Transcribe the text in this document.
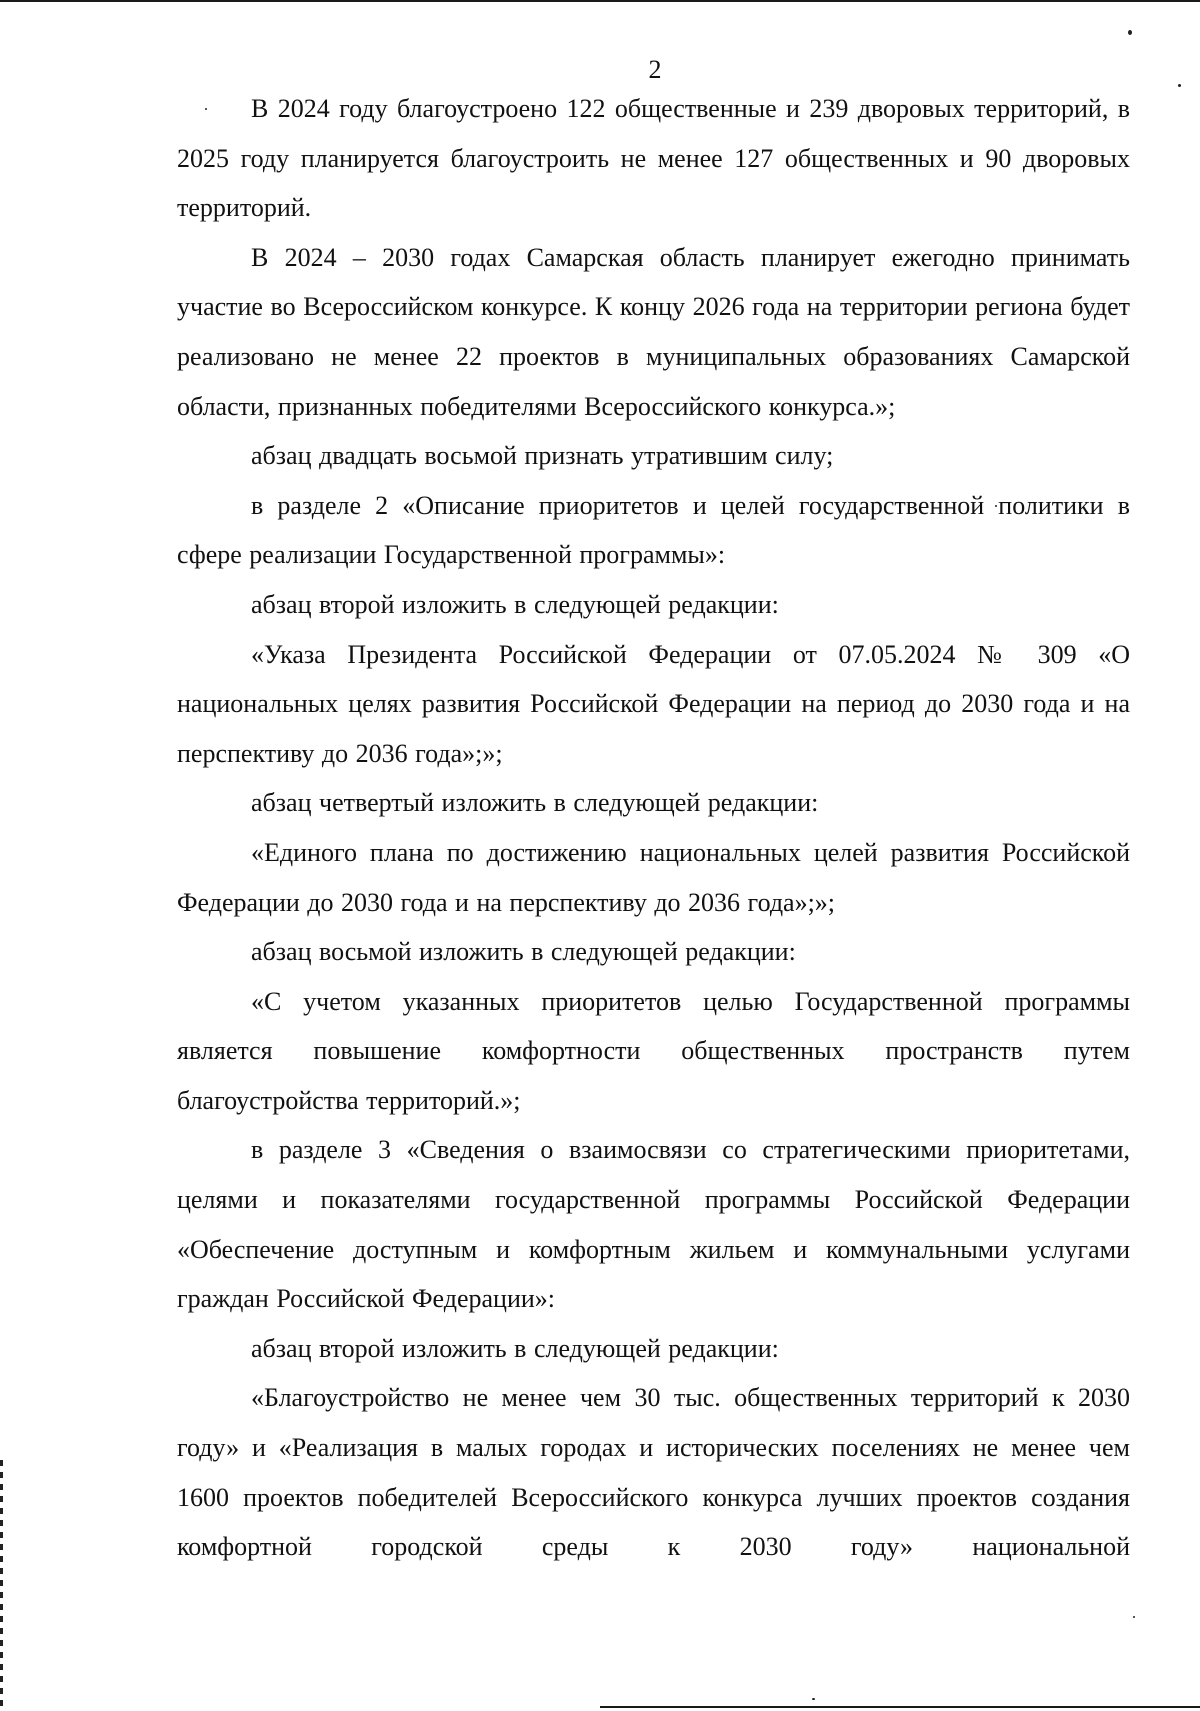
2

В 2024 году благоустроено 122 общественные и 239 дворовых территорий, в 2025 году планируется благоустроить не менее 127 общественных и 90 дворовых территорий.

В 2024 – 2030 годах Самарская область планирует ежегодно принимать участие во Всероссийском конкурсе. К концу 2026 года на территории региона будет реализовано не менее 22 проектов в муниципальных образованиях Самарской области, признанных победителями Всероссийского конкурса.»;

абзац двадцать восьмой признать утратившим силу;

в разделе 2 «Описание приоритетов и целей государственной политики в сфере реализации Государственной программы»:

абзац второй изложить в следующей редакции:

«Указа Президента Российской Федерации от 07.05.2024 № 309 «О национальных целях развития Российской Федерации на период до 2030 года и на перспективу до 2036 года»;»;

абзац четвертый изложить в следующей редакции:

«Единого плана по достижению национальных целей развития Российской Федерации до 2030 года и на перспективу до 2036 года»;»;

абзац восьмой изложить в следующей редакции:

«С учетом указанных приоритетов целью Государственной программы является повышение комфортности общественных пространств путем благоустройства территорий.»;

в разделе 3 «Сведения о взаимосвязи со стратегическими приоритетами, целями и показателями государственной программы Российской Федерации «Обеспечение доступным и комфортным жильем и коммунальными услугами граждан Российской Федерации»:

абзац второй изложить в следующей редакции:

«Благоустройство не менее чем 30 тыс. общественных территорий к 2030 году» и «Реализация в малых городах и исторических поселениях не менее чем 1600 проектов победителей Всероссийского конкурса лучших проектов создания комфортной городской среды к 2030 году» национальной
